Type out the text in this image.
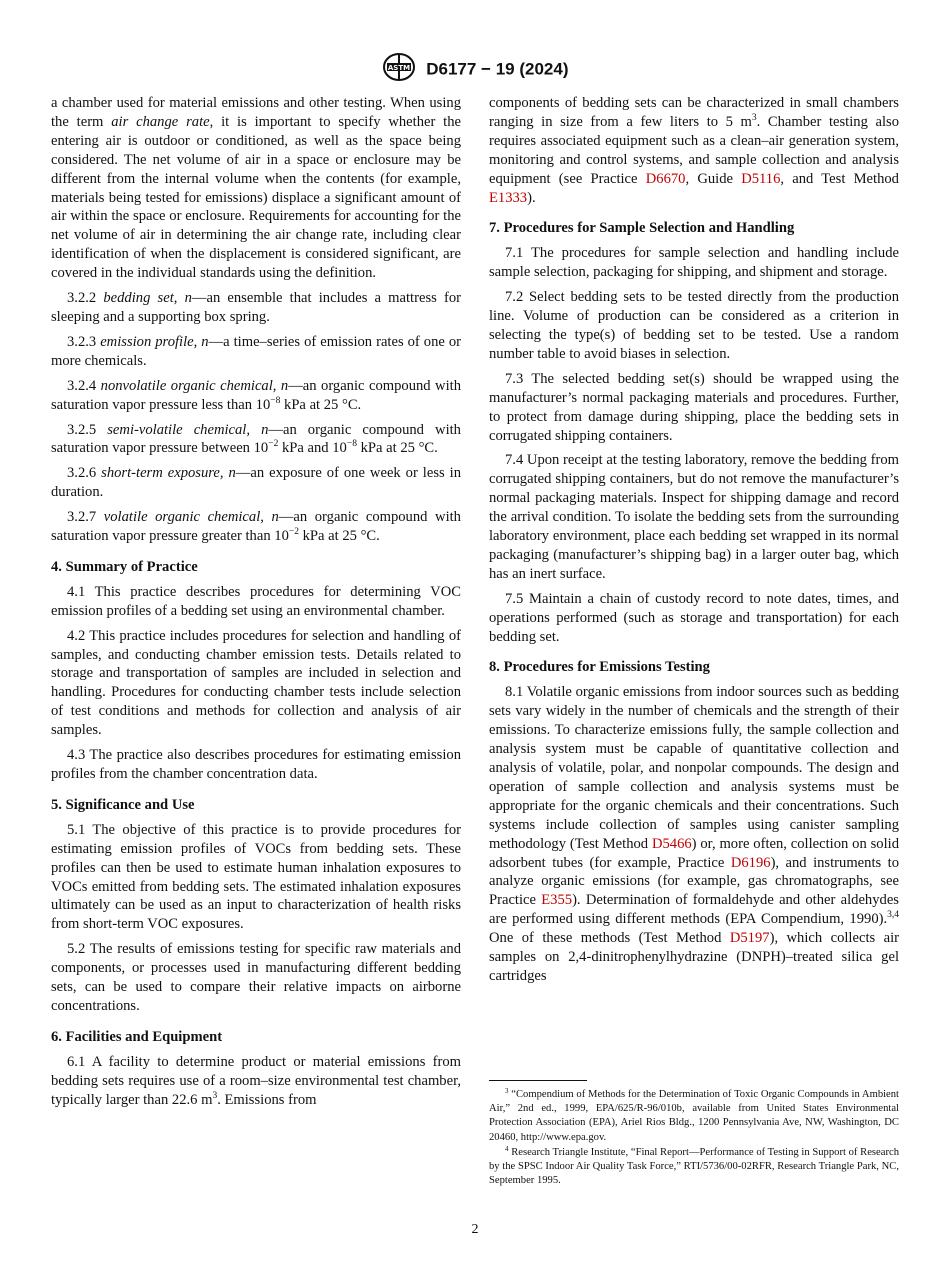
ASTM D6177 − 19 (2024)

a chamber used for material emissions and other testing. When using the term air change rate, it is important to specify whether the entering air is outdoor or conditioned, as well as the space being considered. The net volume of air in a space or enclosure may be different from the internal volume when the contents (for example, materials being tested for emissions) displace a significant amount of air within the space or enclosure. Requirements for accounting for the net volume of air in determining the air change rate, including clear identification of when the displacement is considered significant, are covered in the individual standards using the definition.

3.2.2 bedding set, n—an ensemble that includes a mattress for sleeping and a supporting box spring.

3.2.3 emission profile, n—a time–series of emission rates of one or more chemicals.

3.2.4 nonvolatile organic chemical, n—an organic compound with saturation vapor pressure less than $10^{-8}$ kPa at 25 °C.

3.2.5 semi-volatile chemical, n—an organic compound with saturation vapor pressure between $10^{-2}$ kPa and $10^{-8}$ kPa at 25 °C.

3.2.6 short-term exposure, n—an exposure of one week or less in duration.

3.2.7 volatile organic chemical, n—an organic compound with saturation vapor pressure greater than $10^{-2}$ kPa at 25 °C.

4. Summary of Practice

4.1 This practice describes procedures for determining VOC emission profiles of a bedding set using an environmental chamber.

4.2 This practice includes procedures for selection and handling of samples, and conducting chamber emission tests. Details related to storage and transportation of samples are included in selection and handling. Procedures for conducting chamber tests include selection of test conditions and methods for collection and analysis of air samples.

4.3 The practice also describes procedures for estimating emission profiles from the chamber concentration data.

5. Significance and Use

5.1 The objective of this practice is to provide procedures for estimating emission profiles of VOCs from bedding sets. These profiles can then be used to estimate human inhalation exposures to VOCs emitted from bedding sets. The estimated inhalation exposures ultimately can be used as an input to characterization of health risks from short-term VOC exposures.

5.2 The results of emissions testing for specific raw materials and components, or processes used in manufacturing different bedding sets, can be used to compare their relative impacts on airborne concentrations.

6. Facilities and Equipment

6.1 A facility to determine product or material emissions from bedding sets requires use of a room–size environmental test chamber, typically larger than 22.6 $m^3$. Emissions from

components of bedding sets can be characterized in small chambers ranging in size from a few liters to 5 $m^3$. Chamber testing also requires associated equipment such as a clean–air generation system, monitoring and control systems, and sample collection and analysis equipment (see Practice D6670, Guide D5116, and Test Method E1333).

7. Procedures for Sample Selection and Handling

7.1 The procedures for sample selection and handling include sample selection, packaging for shipping, and shipment and storage.

7.2 Select bedding sets to be tested directly from the production line. Volume of production can be considered as a criterion in selecting the type(s) of bedding set to be tested. Use a random number table to avoid biases in selection.

7.3 The selected bedding set(s) should be wrapped using the manufacturer’s normal packaging materials and procedures. Further, to protect from damage during shipping, place the bedding sets in corrugated shipping containers.

7.4 Upon receipt at the testing laboratory, remove the bedding from corrugated shipping containers, but do not remove the manufacturer’s normal packaging materials. Inspect for shipping damage and record the arrival condition. To isolate the bedding sets from the surrounding laboratory environment, place each bedding set wrapped in its normal packaging (manufacturer’s shipping bag) in a larger outer bag, which has an inert surface.

7.5 Maintain a chain of custody record to note dates, times, and operations performed (such as storage and transportation) for each bedding set.

8. Procedures for Emissions Testing

8.1 Volatile organic emissions from indoor sources such as bedding sets vary widely in the number of chemicals and the strength of their emissions. To characterize emissions fully, the sample collection and analysis system must be capable of quantitative collection and analysis of volatile, polar, and nonpolar compounds. The design and operation of sample collection and analysis systems must be appropriate for the organic chemicals and their concentrations. Such systems include collection of samples using canister sampling methodology (Test Method D5466) or, more often, collection on solid adsorbent tubes (for example, Practice D6196), and instruments to analyze organic emissions (for example, gas chromatographs, see Practice E355). Determination of formaldehyde and other aldehydes are performed using different methods (EPA Compendium, 1990).$^{3,4}$ One of these methods (Test Method D5197), which collects air samples on 2,4-dinitrophenylhydrazine (DNPH)–treated silica gel cartridges

$^3$ “Compendium of Methods for the Determination of Toxic Organic Compounds in Ambient Air,” 2nd ed., 1999, EPA/625/R-96/010b, available from United States Environmental Protection Association (EPA), Ariel Rios Bldg., 1200 Pennsylvania Ave, NW, Washington, DC 20460, http://www.epa.gov.

$^4$ Research Triangle Institute, “Final Report—Performance of Testing in Support of Research by the SPSC Indoor Air Quality Task Force,” RTI/5736/00-02RFR, Research Triangle Park, NC, September 1995.

2
